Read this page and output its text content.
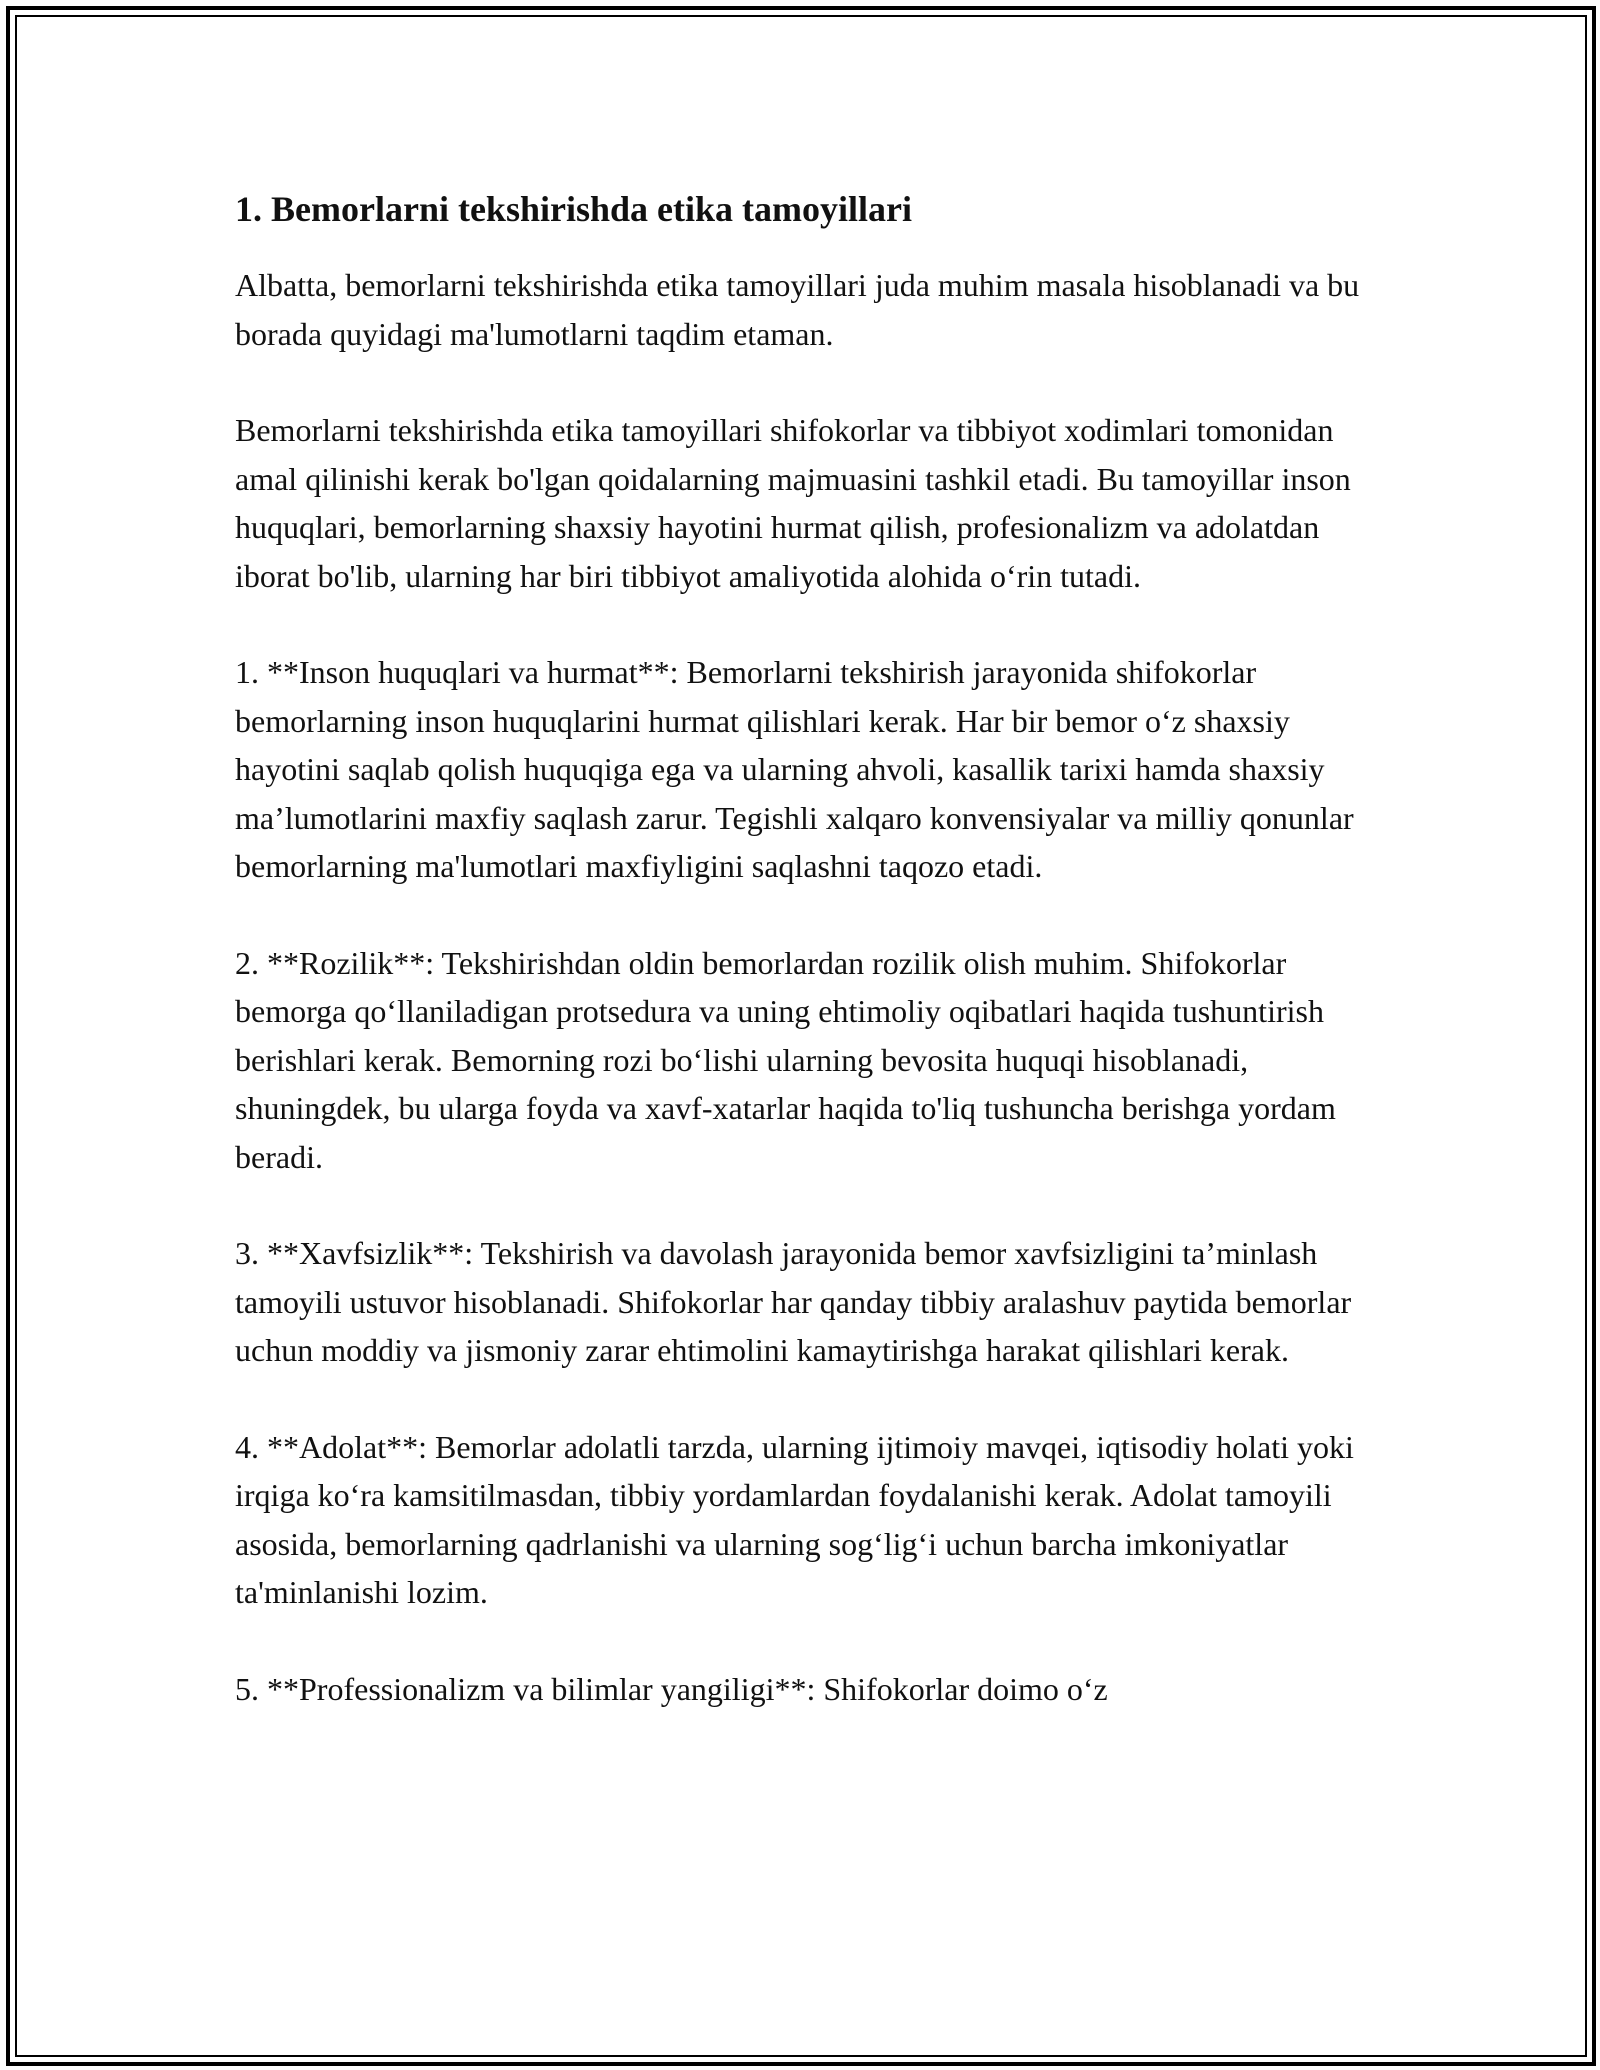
1. Bemorlarni tekshirishda etika tamoyillari

Albatta, bemorlarni tekshirishda etika tamoyillari juda muhim masala hisoblanadi va bu borada quyidagi ma'lumotlarni taqdim etaman.

Bemorlarni tekshirishda etika tamoyillari shifokorlar va tibbiyot xodimlari tomonidan amal qilinishi kerak bo'lgan qoidalarning majmuasini tashkil etadi. Bu tamoyillar inson huquqlari, bemorlarning shaxsiy hayotini hurmat qilish, profesionalizm va adolatdan iborat bo'lib, ularning har biri tibbiyot amaliyotida alohida o‘rin tutadi.

1. **Inson huquqlari va hurmat**: Bemorlarni tekshirish jarayonida shifokorlar bemorlarning inson huquqlarini hurmat qilishlari kerak. Har bir bemor o‘z shaxsiy hayotini saqlab qolish huquqiga ega va ularning ahvoli, kasallik tarixi hamda shaxsiy ma’lumotlarini maxfiy saqlash zarur. Tegishli xalqaro konvensiyalar va milliy qonunlar bemorlarning ma'lumotlari maxfiyligini saqlashni taqozo etadi.

2. **Rozilik**: Tekshirishdan oldin bemorlardan rozilik olish muhim. Shifokorlar bemorga qo‘llaniladigan protsedura va uning ehtimoliy oqibatlari haqida tushuntirish berishlari kerak. Bemorning rozi bo‘lishi ularning bevosita huquqi hisoblanadi, shuningdek, bu ularga foyda va xavf-xatarlar haqida to'liq tushuncha berishga yordam beradi.

3. **Xavfsizlik**: Tekshirish va davolash jarayonida bemor xavfsizligini ta’minlash tamoyili ustuvor hisoblanadi. Shifokorlar har qanday tibbiy aralashuv paytida bemorlar uchun moddiy va jismoniy zarar ehtimolini kamaytirishga harakat qilishlari kerak.

4. **Adolat**: Bemorlar adolatli tarzda, ularning ijtimoiy mavqei, iqtisodiy holati yoki irqiga ko‘ra kamsitilmasdan, tibbiy yordamlardan foydalanishi kerak. Adolat tamoyili asosida, bemorlarning qadrlanishi va ularning sog‘lig‘i uchun barcha imkoniyatlar ta'minlanishi lozim.

5. **Professionalizm va bilimlar yangiligi**: Shifokorlar doimo o‘z
